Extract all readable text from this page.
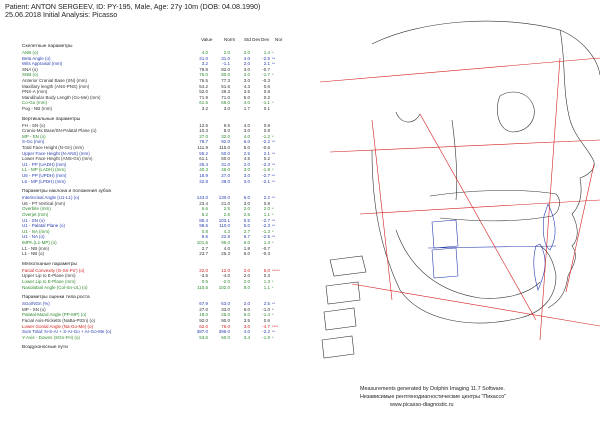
Patient: ANTON SERGEEV, ID: PY-195, Male, Age: 27y 10m (DOB: 04.08.1990)
25.06.2018 Initial Analysis: Picasso
Value	Norm Std Dev Dev Nor
Скелетные параметры
ANB (o)	4.0	2.0	2.0	1.4 *
Beta Angle (o)	21.0	31.0	4.0	-2.5 **
Wits Appraisal (mm)	3.2	-1.1	2.0	2.1 **
SNA (o)	79.8	82.0	3.0	-0.7
SNB (o)	75.0	80.0	3.0	-1.7 *
Anterior Cranial Base (SN) (mm)	76.5	77.3	3.0	-0.3
Maxillary length (ANS-PNS) (mm)	54.2	51.6	4.3	0.6
PNS-A (mm)	52.0	49.3	3.5	0.8
Mandibular Body Length (Go-Me) (mm)	71.9	71.0	5.0	0.2
Co-Go (mm)	61.5	66.0	4.0	-1.1 *
Pog - NB (mm)	3.2	3.0	1.7	0.1
Вертикальные параметры
FH - SN (o)	12.5	9.5	4.0	0.8
Cranio-Mx Base/SN-Palatal Plane (o)	10.3	8.0	3.0	0.8
MP - SN (o)	27.0	32.0	4.0	-1.2 *
S-Go (mm)	78.7	92.0	6.0	-2.2 **
Total Face Height (N-Gn) (mm)	111.9	115.0	5.0	-0.6
Upper Face Height (N-ANS) (mm)	55.2	50.0	2.5	2.1 **
Lower Face Height (ANS-Gn) (mm)	61.1	60.0	4.5	0.2
U1 - PP (UADH) (mm)	26.4	31.0	2.0	-2.3 **
L1 - MP (LADH) (mm)	40.3	46.0	3.0	-1.9 *
U6 - PP (UPDH) (mm)	18.9	27.0	3.0	-2.7 **
L6 - MP (LPDH) (mm)	32.8	38.0	3.0	-2.1 **
Параметры наклона и положения зубов
Interincisal Angle (U1-L1) (o)	143.0	130.0	6.0	2.2 **
U6 - PT Vertical (mm)	23.4	21.0	3.0	0.8
Overbite (mm)	6.6	2.5	2.0	2.0 *
Overjet (mm)	5.2	2.5	2.5	1.1 *
U1 - SN (o)	88.4	103.1	5.5	-2.7 **
U1 - Palatal Plane (o)	98.6	110.0	5.0	-2.3 **
U1 - NA (mm)	0.8	4.3	2.7	-1.3 *
U1 - NA (o)	8.6	22.8	5.7	-2.5 **
IMPA (L1-MP) (o)	101.6	95.0	5.0	1.3 *
L1 - NB (mm)	2.7	4.0	1.8	-0.7
L1 - NB (o)	23.7	25.3	6.0	-0.3
Мягкотканые параметры
Facial Convexity (G-Sn-Po') (o)	22.0	12.0	2.0	5.0 *****
Upper Lip to E-Plane (mm)	-3.5	-4.0	2.0	0.3
Lower Lip to E-Plane (mm)	0.5	-2.0	2.0	1.3 *
Nasolabial Angle (Col-Sn-UL) (o)	110.5	102.0	8.0	1.1 *
Параметры оценки типа роста
SGo/NGn (%)	67.9	63.0	2.0	2.5 **
MP - SN (o)	27.0	33.0	6.0	-1.0 *
Palatal-Mand Angle (PP-MP) (o)	18.0	25.0	6.0	-1.4 *
Facial Axis-Ricketts (NaBa-PtGn) (o)	92.0	90.0	3.5	0.6
Lower Gonial Angle (Na-Go-Me) (o)	62.0	76.0	3.0	-4.7 ****
Sum Total: N-S-Ar + S-Ar-Go + Ar-Go-Me (o)	387.0	396.0	4.0	-2.2 **
Y-Axis - Downs (SGn-FH) (o)	53.6	60.0	3.4	-1.9 *
Воздухоносные пути
Measurements generated by Dolphin Imaging 11.7 Software.
Независимые рентгенодиагностические центры "Пикассо"
www.picasso-diagnostic.ru
